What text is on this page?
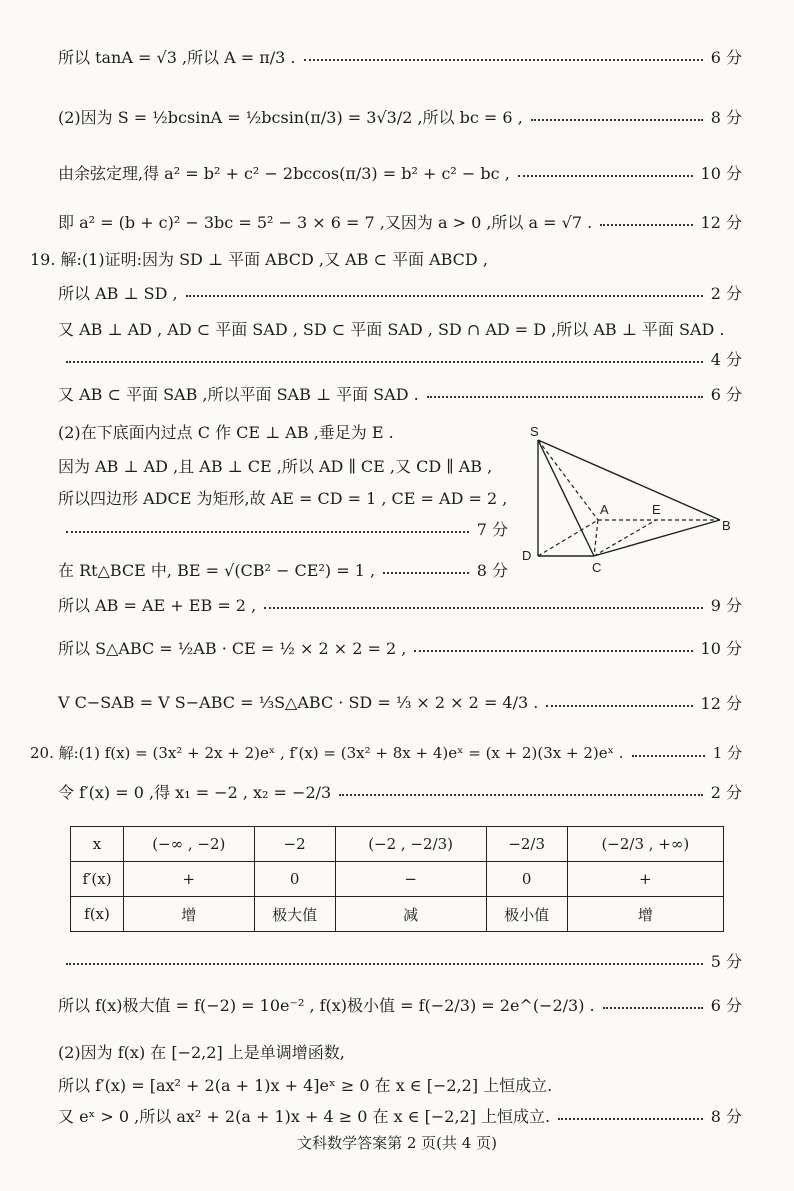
所以 tanA = √3 ,所以 A = π/3 .	6 分
(2)因为 S = ½bcsinA = ½bcsin(π/3) = 3√3/2 ,所以 bc = 6 ,	8 分
由余弦定理,得 a² = b² + c² − 2bccos(π/3) = b² + c² − bc ,	10 分
即 a² = (b + c)² − 3bc = 5² − 3 × 6 = 7 ,又因为 a > 0 ,所以 a = √7 .	12 分
19. 解:(1)证明:因为 SD ⊥ 平面 ABCD ,又 AB ⊂ 平面 ABCD ,
所以 AB ⊥ SD ,	2 分
又 AB ⊥ AD , AD ⊂ 平面 SAD , SD ⊂ 平面 SAD , SD ∩ AD = D ,所以 AB ⊥ 平面 SAD .
4 分
又 AB ⊂ 平面 SAB ,所以平面 SAB ⊥ 平面 SAD .	6 分
(2)在下底面内过点 C 作 CE ⊥ AB ,垂足为 E .
因为 AB ⊥ AD ,且 AB ⊥ CE ,所以 AD ∥ CE ,又 CD ∥ AB ,
所以四边形 ADCE 为矩形,故 AE = CD = 1 , CE = AD = 2 ,
7 分
在 Rt△BCE 中, BE = √(CB² − CE²) = 1 ,	8 分
所以 AB = AE + EB = 2 ,	9 分
所以 S△ABC = ½AB · CE = ½ × 2 × 2 = 2 ,	10 分
V C−SAB = V S−ABC = ⅓S△ABC · SD = ⅓ × 2 × 2 = 4/3 .	12 分
20. 解:(1) f(x) = (3x² + 2x + 2)eˣ , f′(x) = (3x² + 8x + 4)eˣ = (x + 2)(3x + 2)eˣ .	1 分
令 f′(x) = 0 ,得 x₁ = −2 , x₂ = −2/3	2 分
x	(−∞ , −2)	−2	(−2 , −2/3)	−2/3	(−2/3 , +∞)
f′(x)	+	0	−	0	+
f(x)	增	极大值	减	极小值	增
5 分
所以 f(x)极大值 = f(−2) = 10e⁻² , f(x)极小值 = f(−2/3) = 2e^(−2/3) .	6 分
(2)因为 f(x) 在 [−2,2] 上是单调增函数,
所以 f′(x) = [ax² + 2(a + 1)x + 4]eˣ ≥ 0 在 x ∈ [−2,2] 上恒成立.
又 eˣ > 0 ,所以 ax² + 2(a + 1)x + 4 ≥ 0 在 x ∈ [−2,2] 上恒成立.	8 分
S
A	E
B
D
C
文科数学答案第 2 页(共 4 页)
